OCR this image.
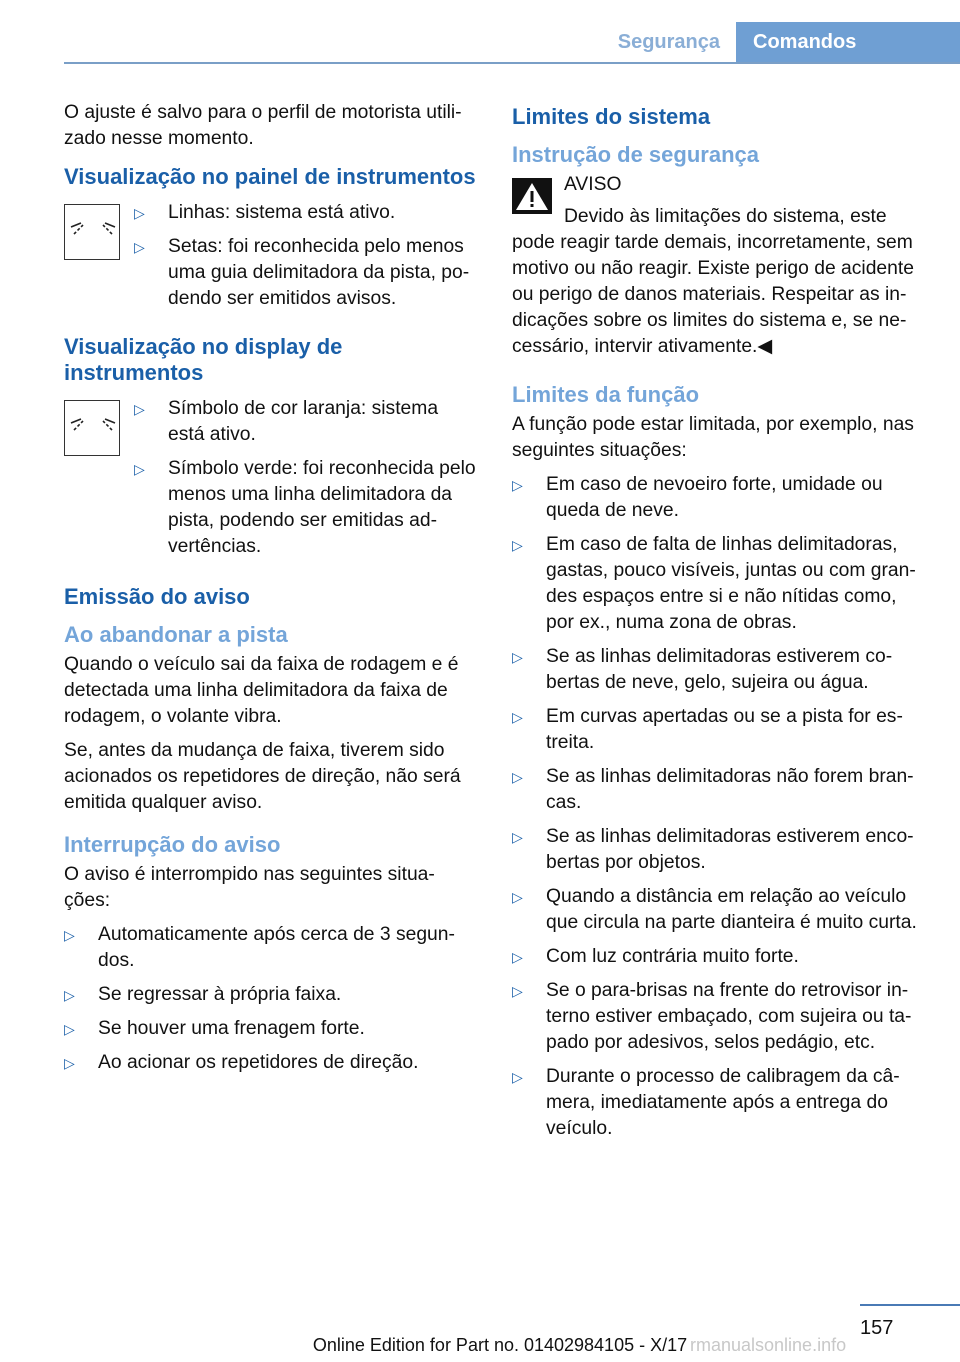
Segurança	Comandos

O ajuste é salvo para o perfil de motorista utili-zado nesse momento.

Visualização no painel de instrumentos
▷	Linhas: sistema está ativo.
▷	Setas: foi reconhecida pelo menos uma guia delimitadora da pista, po-dendo ser emitidos avisos.
Visualização no display de instrumentos
▷	Símbolo de cor laranja: sistema está ativo.
▷	Símbolo verde: foi reconhecida pelo menos uma linha delimitadora da pista, podendo ser emitidas ad-vertências.
Emissão do aviso
Ao abandonar a pista

Quando o veículo sai da faixa de rodagem e é detectada uma linha delimitadora da faixa de rodagem, o volante vibra.

Se, antes da mudança de faixa, tiverem sido acionados os repetidores de direção, não será emitida qualquer aviso.

Interrupção do aviso

O aviso é interrompido nas seguintes situa-ções:

▷	Automaticamente após cerca de 3 segun-dos.
▷	Se regressar à própria faixa.
▷	Se houver uma frenagem forte.
▷	Ao acionar os repetidores de direção.
Limites do sistema
Instrução de segurança
AVISO

Devido às limitações do sistema, este pode reagir tarde demais, incorretamente, sem motivo ou não reagir. Existe perigo de acidente ou perigo de danos materiais. Respeitar as in-dicações sobre os limites do sistema e, se ne-cessário, intervir ativamente.◀

Limites da função

A função pode estar limitada, por exemplo, nas seguintes situações:

▷	Em caso de nevoeiro forte, umidade ou queda de neve.
▷	Em caso de falta de linhas delimitadoras, gastas, pouco visíveis, juntas ou com gran-des espaços entre si e não nítidas como, por ex., numa zona de obras.
▷	Se as linhas delimitadoras estiverem co-bertas de neve, gelo, sujeira ou água.
▷	Em curvas apertadas ou se a pista for es-treita.
▷	Se as linhas delimitadoras não forem bran-cas.
▷	Se as linhas delimitadoras estiverem enco-bertas por objetos.
▷	Quando a distância em relação ao veículo que circula na parte dianteira é muito curta.
▷	Com luz contrária muito forte.
▷	Se o para-brisas na frente do retrovisor in-terno estiver embaçado, com sujeira ou ta-pado por adesivos, selos pedágio, etc.
▷	Durante o processo de calibragem da câ-mera, imediatamente após a entrega do veículo.
157
Online Edition for Part no. 01402984105 - X/17 rmanualsonline.info
